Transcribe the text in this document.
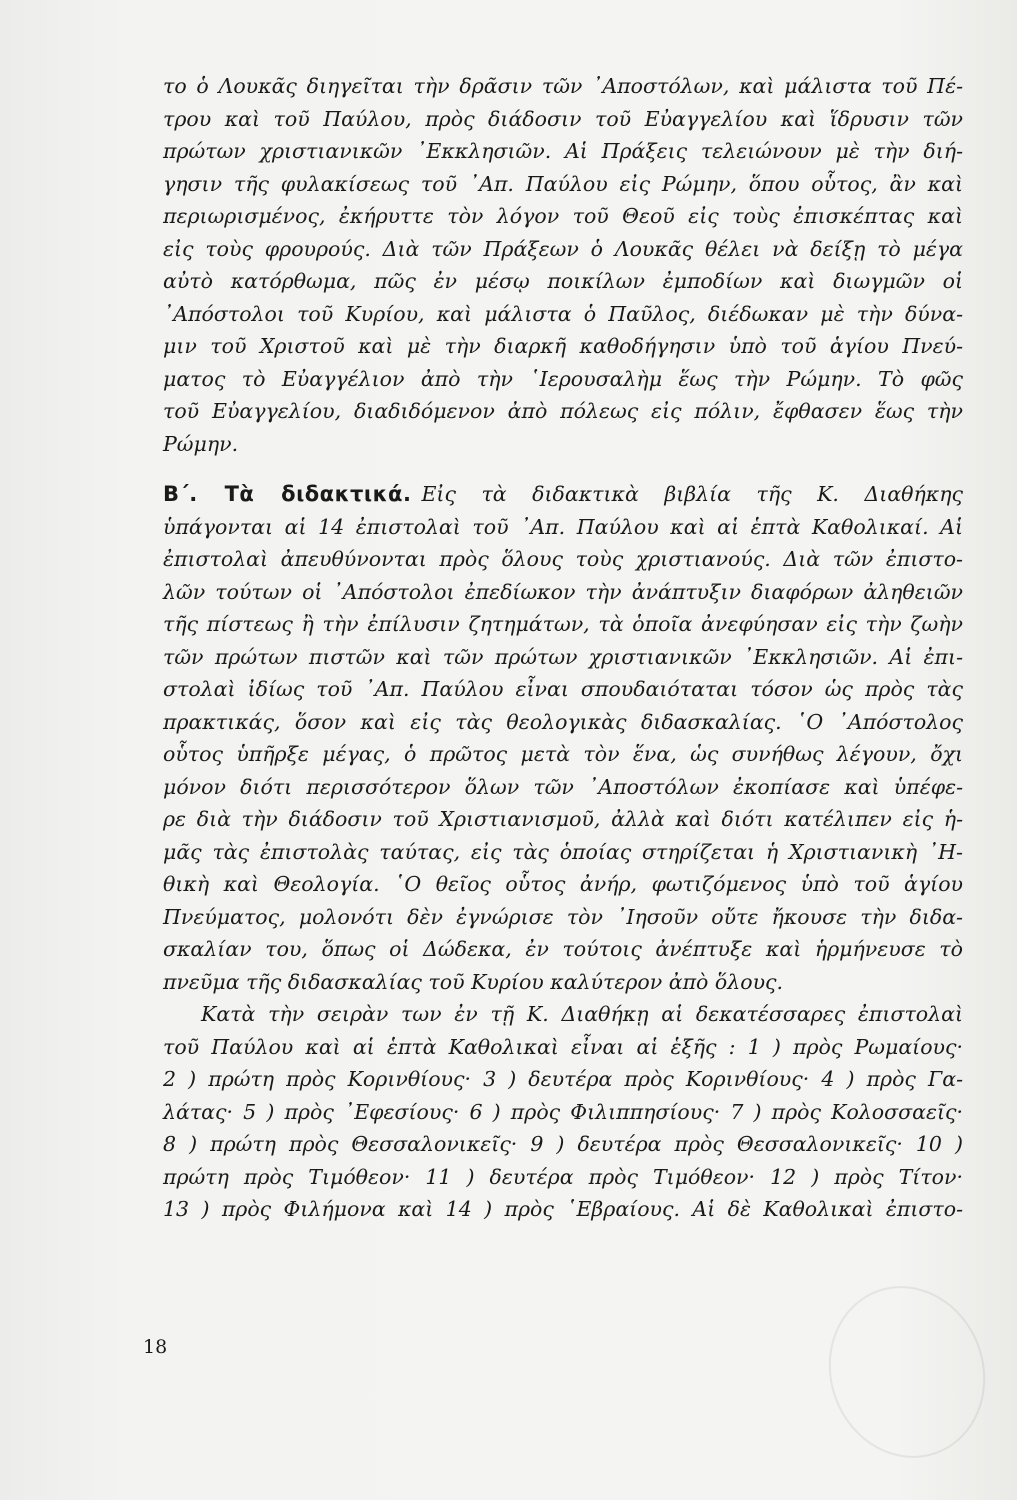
το ὁ Λουκᾶς διηγεῖται τὴν δρᾶσιν τῶν ᾿Αποστόλων, καὶ μάλιστα τοῦ Πέ-
τρου καὶ τοῦ Παύλου, πρὸς διάδοσιν τοῦ Εὐαγγελίου καὶ ἵδρυσιν τῶν
πρώτων χριστιανικῶν ᾿Εκκλησιῶν. Αἱ Πράξεις τελειώνουν μὲ τὴν διή-
γησιν τῆς φυλακίσεως τοῦ ᾿Απ. Παύλου εἰς Ρώμην, ὅπου οὗτος, ἂν καὶ
περιωρισμένος, ἐκήρυττε τὸν λόγον τοῦ Θεοῦ εἰς τοὺς ἐπισκέπτας καὶ
εἰς τοὺς φρουρούς. Διὰ τῶν Πράξεων ὁ Λουκᾶς θέλει νὰ δείξῃ τὸ μέγα
αὐτὸ κατόρθωμα, πῶς ἐν μέσῳ ποικίλων ἐμποδίων καὶ διωγμῶν οἱ
᾿Απόστολοι τοῦ Κυρίου, καὶ μάλιστα ὁ Παῦλος, διέδωκαν μὲ τὴν δύνα-
μιν τοῦ Χριστοῦ καὶ μὲ τὴν διαρκῆ καθοδήγησιν ὑπὸ τοῦ ἁγίου Πνεύ-
ματος τὸ Εὐαγγέλιον ἀπὸ τὴν ῾Ιερουσαλὴμ ἕως τὴν Ρώμην. Τὸ φῶς
τοῦ Εὐαγγελίου, διαδιδόμενον ἀπὸ πόλεως εἰς πόλιν, ἔφθασεν ἕως τὴν
Ρώμην.
Β΄. Τὰ διδακτικά. Εἰς τὰ διδακτικὰ βιβλία τῆς Κ. Διαθήκης
ὑπάγονται αἱ 14 ἐπιστολαὶ τοῦ ᾿Απ. Παύλου καὶ αἱ ἑπτὰ Καθολικαί. Αἱ
ἐπιστολαὶ ἀπευθύνονται πρὸς ὅλους τοὺς χριστιανούς. Διὰ τῶν ἐπιστο-
λῶν τούτων οἱ ᾿Απόστολοι ἐπεδίωκον τὴν ἀνάπτυξιν διαφόρων ἀληθειῶν
τῆς πίστεως ἢ τὴν ἐπίλυσιν ζητημάτων, τὰ ὁποῖα ἀνεφύησαν εἰς τὴν ζωὴν
τῶν πρώτων πιστῶν καὶ τῶν πρώτων χριστιανικῶν ᾿Εκκλησιῶν. Αἱ ἐπι-
στολαὶ ἰδίως τοῦ ᾿Απ. Παύλου εἶναι σπουδαιόταται τόσον ὡς πρὸς τὰς
πρακτικάς, ὅσον καὶ εἰς τὰς θεολογικὰς διδασκαλίας. ῾Ο ᾿Απόστολος
οὗτος ὑπῆρξε μέγας, ὁ πρῶτος μετὰ τὸν ἕνα, ὡς συνήθως λέγουν, ὄχι
μόνον διότι περισσότερον ὅλων τῶν ᾿Αποστόλων ἐκοπίασε καὶ ὑπέφε-
ρε διὰ τὴν διάδοσιν τοῦ Χριστιανισμοῦ, ἀλλὰ καὶ διότι κατέλιπεν εἰς ἡ-
μᾶς τὰς ἐπιστολὰς ταύτας, εἰς τὰς ὁποίας στηρίζεται ἡ Χριστιανικὴ ᾿Η-
θικὴ καὶ Θεολογία. ῾Ο θεῖος οὗτος ἀνήρ, φωτιζόμενος ὑπὸ τοῦ ἁγίου
Πνεύματος, μολονότι δὲν ἐγνώρισε τὸν ᾿Ιησοῦν οὔτε ἤκουσε τὴν διδα-
σκαλίαν του, ὅπως οἱ Δώδεκα, ἐν τούτοις ἀνέπτυξε καὶ ἡρμήνευσε τὸ
πνεῦμα τῆς διδασκαλίας τοῦ Κυρίου καλύτερον ἀπὸ ὅλους.
Κατὰ τὴν σειρὰν των ἐν τῇ Κ. Διαθήκῃ αἱ δεκατέσσαρες ἐπιστολαὶ
τοῦ Παύλου καὶ αἱ ἑπτὰ Καθολικαὶ εἶναι αἱ ἑξῆς : 1 ) πρὸς Ρωμαίους·
2 ) πρώτη πρὸς Κορινθίους· 3 ) δευτέρα πρὸς Κορινθίους· 4 ) πρὸς Γα-
λάτας· 5 ) πρὸς ᾿Εφεσίους· 6 ) πρὸς Φιλιππησίους· 7 ) πρὸς Κολοσσαεῖς·
8 ) πρώτη πρὸς Θεσσαλονικεῖς· 9 ) δευτέρα πρὸς Θεσσαλονικεῖς· 10 )
πρώτη πρὸς Τιμόθεον· 11 ) δευτέρα πρὸς Τιμόθεον· 12 ) πρὸς Τίτον·
13 ) πρὸς Φιλήμονα καὶ 14 ) πρὸς ῾Εβραίους. Αἱ δὲ Καθολικαὶ ἐπιστο-
18
